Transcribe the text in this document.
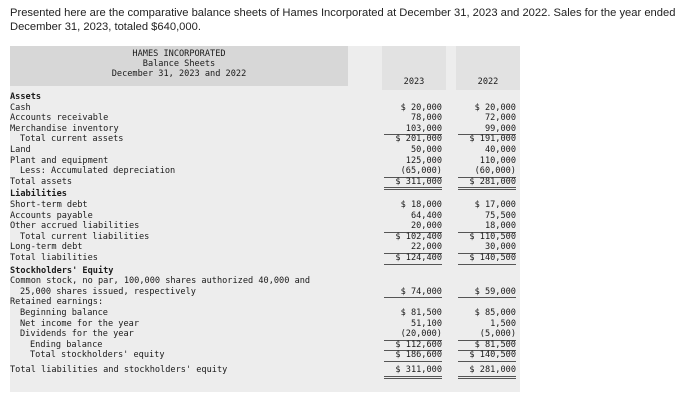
Presented here are the comparative balance sheets of Hames Incorporated at December 31, 2023 and 2022. Sales for the year ended December 31, 2023, totaled $640,000.
HAMES INCORPORATED
Balance Sheets
December 31, 2023 and 2022
2023	2022
Assets
Cash	$ 20,000	$ 20,000
Accounts receivable	78,000	72,000
Merchandise inventory	103,000	99,000
Total current assets	$ 201,000	$ 191,000
Land	50,000	40,000
Plant and equipment	125,000	110,000
Less: Accumulated depreciation	(65,000)	(60,000)
Total assets	$ 311,000	$ 281,000
Liabilities
Short-term debt	$ 18,000	$ 17,000
Accounts payable	64,400	75,500
Other accrued liabilities	20,000	18,000
Total current liabilities	$ 102,400	$ 110,500
Long-term debt	22,000	30,000
Total liabilities	$ 124,400	$ 140,500
Stockholders' Equity
Common stock, no par, 100,000 shares authorized 40,000 and
25,000 shares issued, respectively	$ 74,000	$ 59,000
Retained earnings:
Beginning balance	$ 81,500	$ 85,000
Net income for the year	51,100	1,500
Dividends for the year	(20,000)	(5,000)
Ending balance	$ 112,600	$ 81,500
Total stockholders' equity	$ 186,600	$ 140,500
Total liabilities and stockholders' equity	$ 311,000	$ 281,000
